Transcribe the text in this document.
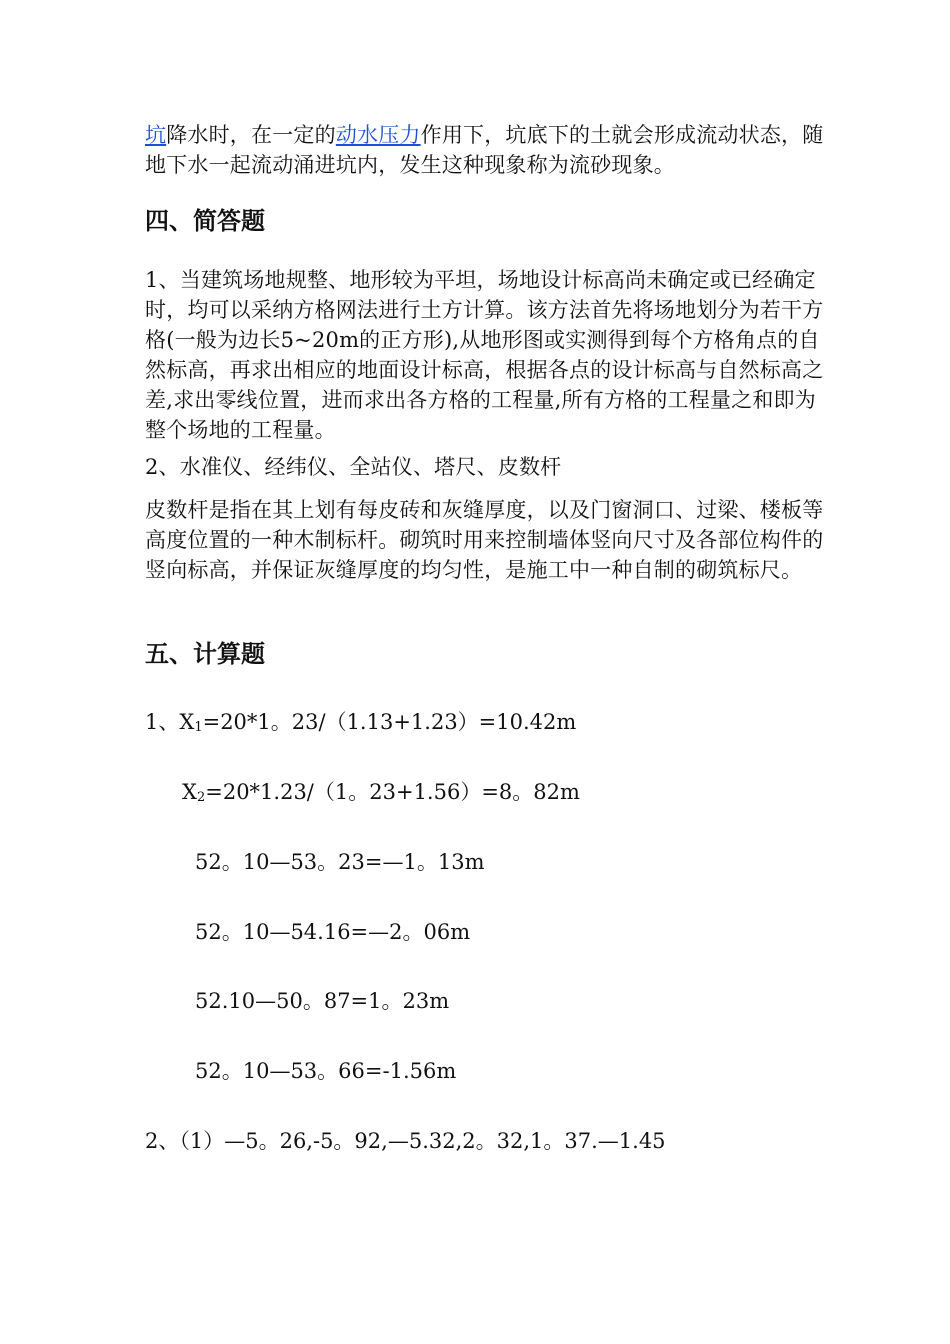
坑降水时，在一定的动水压力作用下，坑底下的土就会形成流动状态，随地下水一起流动涌进坑内，发生这种现象称为流砂现象。

四、简答题

1、当建筑场地规整、地形较为平坦，场地设计标高尚未确定或已经确定时，均可以采纳方格网法进行土方计算。该方法首先将场地划分为若干方格(一般为边长5~20m的正方形),从地形图或实测得到每个方格角点的自然标高，再求出相应的地面设计标高，根据各点的设计标高与自然标高之差,求出零线位置，进而求出各方格的工程量,所有方格的工程量之和即为整个场地的工程量。

2、水准仪、经纬仪、全站仪、塔尺、皮数杆

皮数杆是指在其上划有每皮砖和灰缝厚度，以及门窗洞口、过梁、楼板等高度位置的一种木制标杆。砌筑时用来控制墙体竖向尺寸及各部位构件的竖向标高，并保证灰缝厚度的均匀性，是施工中一种自制的砌筑标尺。

五、计算题

1、$X_1=20*1$。23/（1.13+1.23）=10.42m

$X_2=20*1.23/(1$。23+1.56）=8。82m

52。10—53。23=—1。13m

52。10—54.16=—2。06m

52.10—50。87=1。23m

52。10—53。66=-1.56m

2、（1）—5。26,-5。92,—5.32,2。32,1。37.—1.45
